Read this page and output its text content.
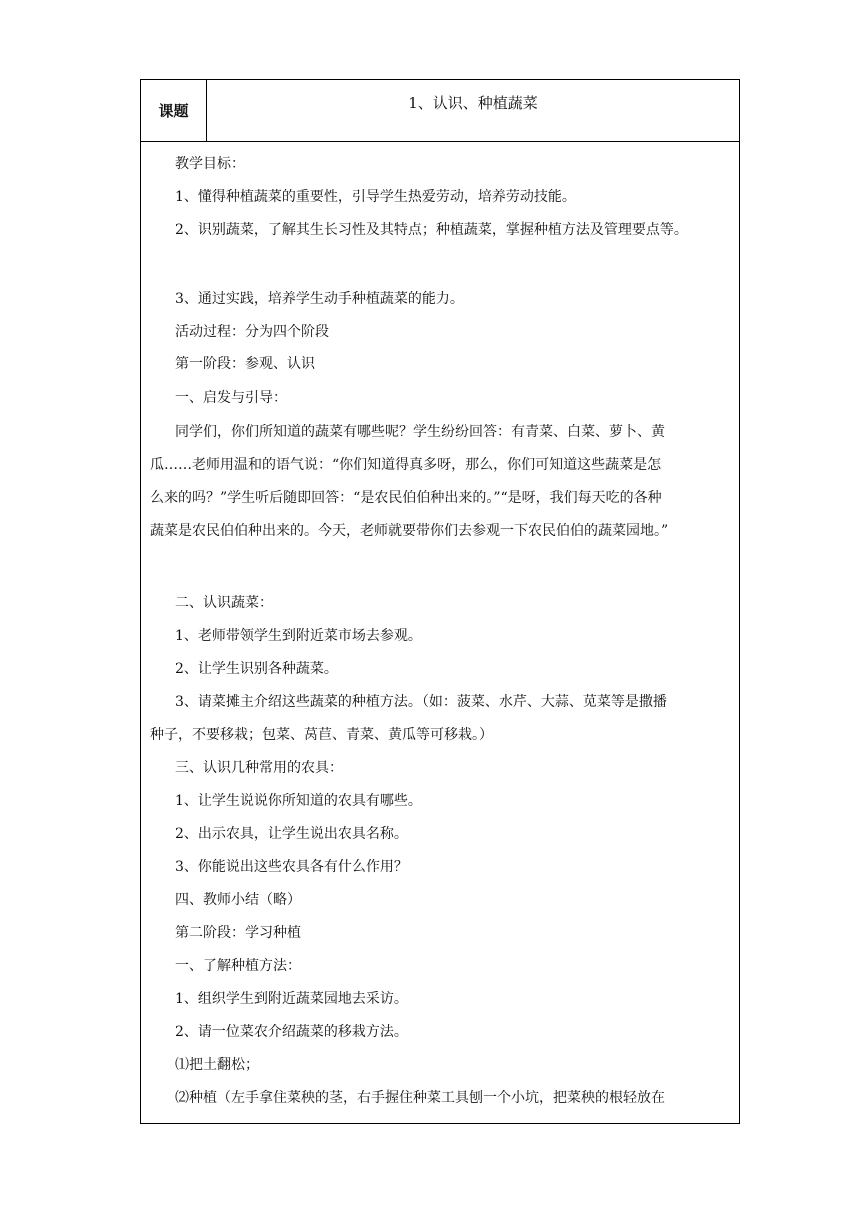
课题	1、认识、种植蔬菜
教学目标：
1、懂得种植蔬菜的重要性，引导学生热爱劳动，培养劳动技能。
2、识别蔬菜，了解其生长习性及其特点；种植蔬菜，掌握种植方法及管理要点等。
3、通过实践，培养学生动手种植蔬菜的能力。
活动过程：分为四个阶段
第一阶段：参观、认识
一、启发与引导：
同学们，你们所知道的蔬菜有哪些呢？学生纷纷回答：有青菜、白菜、萝卜、黄
瓜……老师用温和的语气说：“你们知道得真多呀，那么，你们可知道这些蔬菜是怎
么来的吗？”学生听后随即回答：“是农民伯伯种出来的。”“是呀，我们每天吃的各种
蔬菜是农民伯伯种出来的。今天，老师就要带你们去参观一下农民伯伯的蔬菜园地。”
二、认识蔬菜：
1、老师带领学生到附近菜市场去参观。
2、让学生识别各种蔬菜。
3、请菜摊主介绍这些蔬菜的种植方法。（如：菠菜、水芹、大蒜、苋菜等是撒播
种子，不要移栽；包菜、莴苣、青菜、黄瓜等可移栽。）
三、认识几种常用的农具：
1、让学生说说你所知道的农具有哪些。
2、出示农具，让学生说出农具名称。
3、你能说出这些农具各有什么作用？
四、教师小结（略）
第二阶段：学习种植
一、了解种植方法：
1、组织学生到附近蔬菜园地去采访。
2、请一位菜农介绍蔬菜的移栽方法。
⑴把土翻松；
⑵种植（左手拿住菜秧的茎，右手握住种菜工具刨一个小坑，把菜秧的根轻放在
